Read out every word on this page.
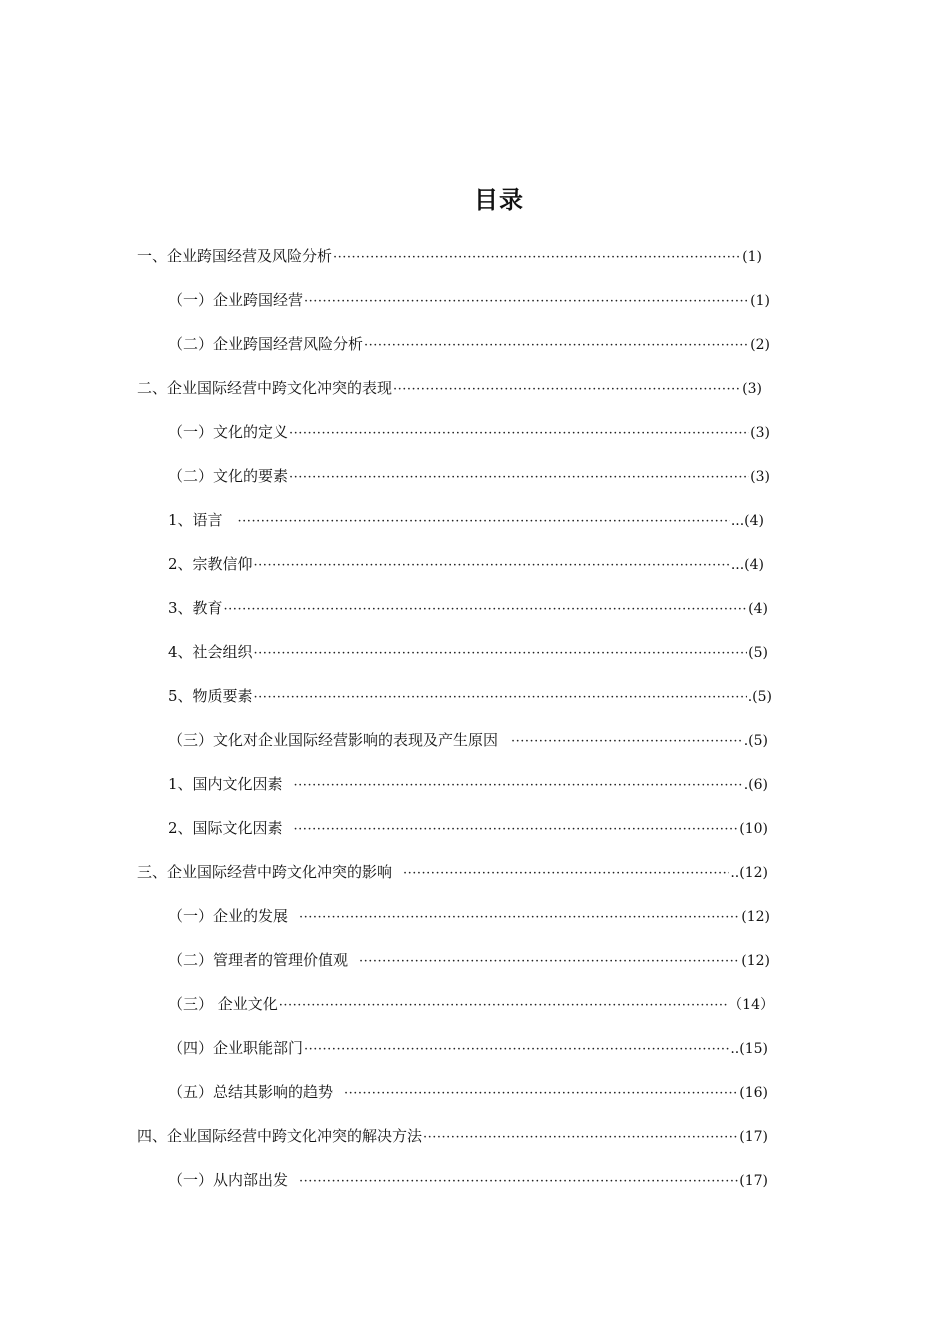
目录
一、企业跨国经营及风险分析 ·····	(1)
（一）企业跨国经营 ·····	(1)
（二）企业跨国经营风险分析 ·····	(2)
二、企业国际经营中跨文化冲突的表现 ·····	(3)
（一）文化的定义 ·····	(3)
（二）文化的要素 ·····	(3)
1、语言 ·····	...(4)
2、宗教信仰 ·····	...(4)
3、教育 ·····	(4)
4、社会组织 ·····	(5)
5、物质要素 ·····	.(5)
（三）文化对企业国际经营影响的表现及产生原因 ·····	.(5)
1、国内文化因素 ·····	.(6)
2、国际文化因素 ·····	(10)
三、企业国际经营中跨文化冲突的影响 ·····	..(12)
（一）企业的发展 ·····	(12)
（二）管理者的管理价值观 ·····	(12)
（三） 企业文化 ·····	（14）
（四）企业职能部门 ·····	..(15)
（五）总结其影响的趋势 ·····	(16)
四、企业国际经营中跨文化冲突的解决方法 ·····	(17)
（一）从内部出发 ·····	(17)
